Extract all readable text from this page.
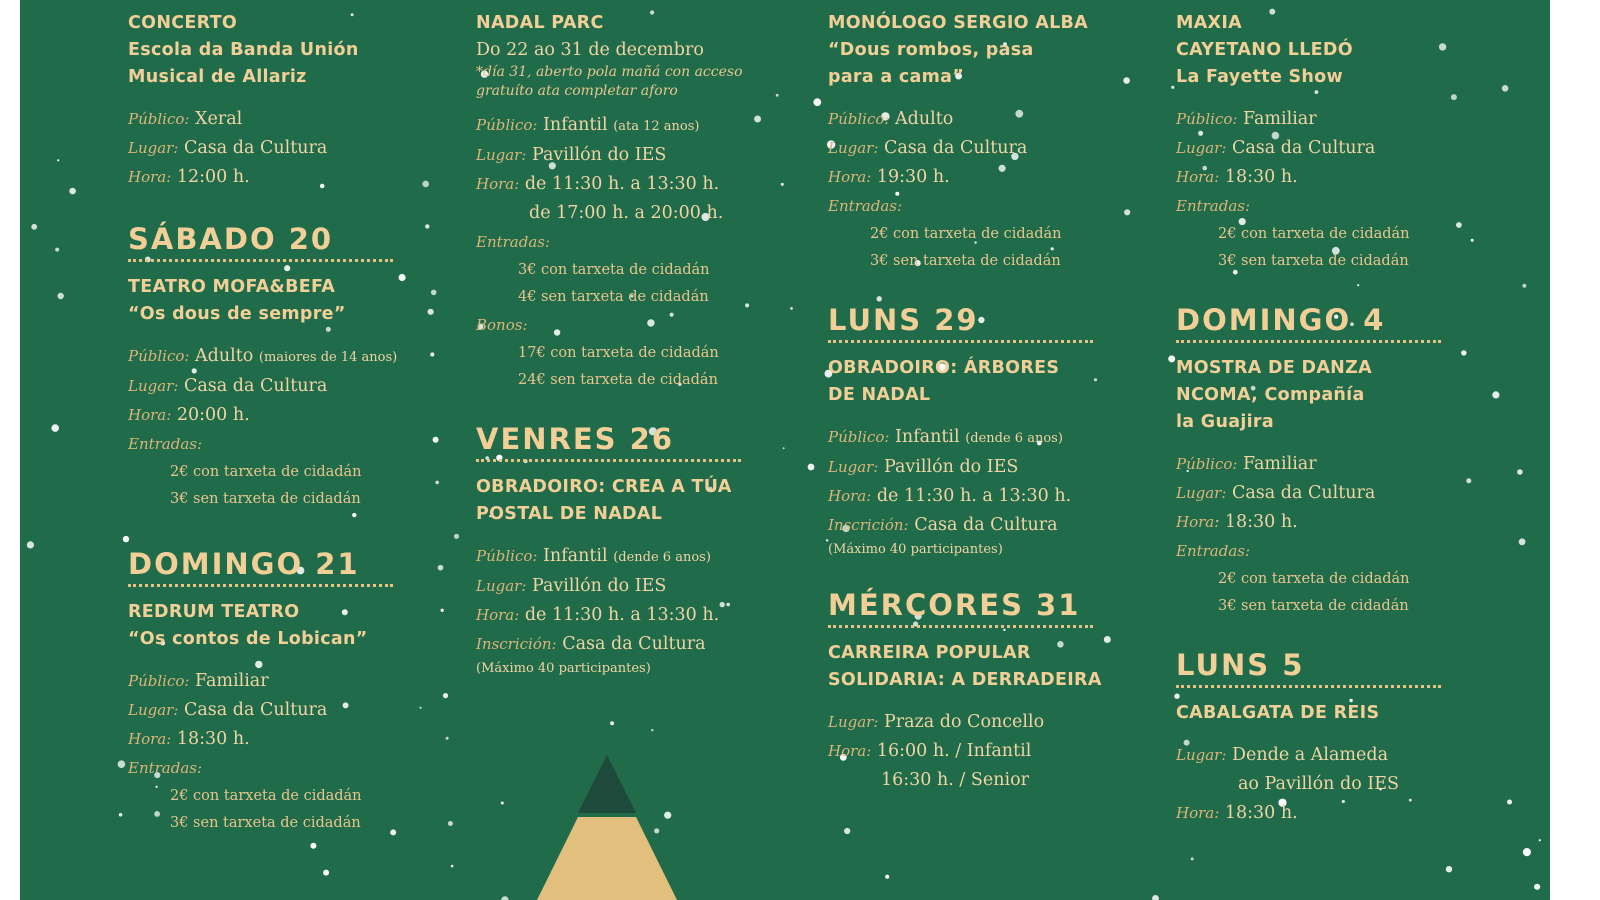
CONCERTO
Escola da Banda Unión
Musical de Allariz
Público: Xeral
Lugar: Casa da Cultura
Hora: 12:00 h.
SÁBADO 20
TEATRO MOFA&BEFA
“Os dous de sempre”
Público: Adulto (maiores de 14 anos)
Lugar: Casa da Cultura
Hora: 20:00 h.
Entradas:
2€ con tarxeta de cidadán
3€ sen tarxeta de cidadán
DOMINGO 21
REDRUM TEATRO
“Os contos de Lobican”
Público: Familiar
Lugar: Casa da Cultura
Hora: 18:30 h.
Entradas:
2€ con tarxeta de cidadán
3€ sen tarxeta de cidadán
NADAL PARC
Do 22 ao 31 de decembro
*día 31, aberto pola mañá con acceso
gratuíto ata completar aforo
Público: Infantil (ata 12 anos)
Lugar: Pavillón do IES
Hora: de 11:30 h. a 13:30 h.
de 17:00 h. a 20:00 h.
Entradas:
3€ con tarxeta de cidadán
4€ sen tarxeta de cidadán
Bonos:
17€ con tarxeta de cidadán
24€ sen tarxeta de cidadán
VENRES 26
OBRADOIRO: CREA A TÚA
POSTAL DE NADAL
Público: Infantil (dende 6 anos)
Lugar: Pavillón do IES
Hora: de 11:30 h. a 13:30 h.
Inscrición: Casa da Cultura
(Máximo 40 participantes)
MONÓLOGO SERGIO ALBA
“Dous rombos, pasa
para a cama”
Público: Adulto
Lugar: Casa da Cultura
Hora: 19:30 h.
Entradas:
2€ con tarxeta de cidadán
3€ sen tarxeta de cidadán
LUNS 29
OBRADOIRO: ÁRBORES
DE NADAL
Público: Infantil (dende 6 anos)
Lugar: Pavillón do IES
Hora: de 11:30 h. a 13:30 h.
Inscrición: Casa da Cultura
(Máximo 40 participantes)
MÉRCORES 31
CARREIRA POPULAR
SOLIDARIA: A DERRADEIRA
Lugar: Praza do Concello
Hora: 16:00 h. / Infantil
16:30 h. / Senior
MAXIA
CAYETANO LLEDÓ
La Fayette Show
Público: Familiar
Lugar: Casa da Cultura
Hora: 18:30 h.
Entradas:
2€ con tarxeta de cidadán
3€ sen tarxeta de cidadán
DOMINGO 4
MOSTRA DE DANZA
NCOMA, Compañía
la Guajira
Público: Familiar
Lugar: Casa da Cultura
Hora: 18:30 h.
Entradas:
2€ con tarxeta de cidadán
3€ sen tarxeta de cidadán
LUNS 5
CABALGATA DE REIS
Lugar: Dende a Alameda
ao Pavillón do IES
Hora: 18:30 h.
